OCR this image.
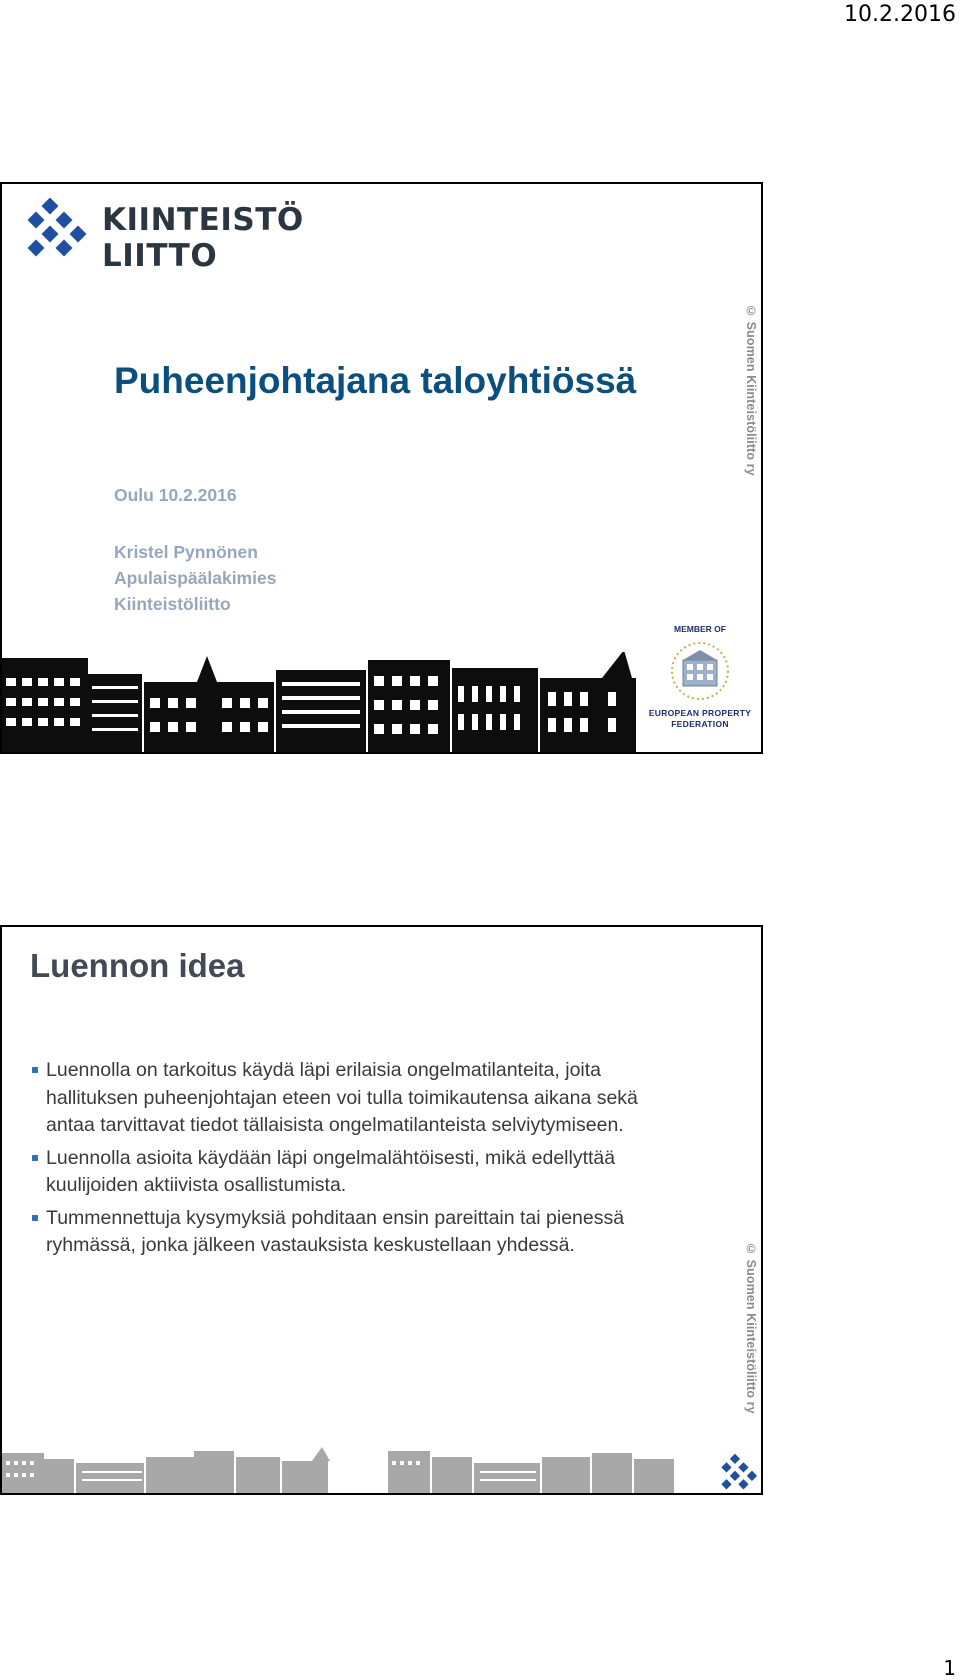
10.2.2016
KIINTEISTÖ
LIITTO
Puheenjohtajana taloyhtiössä
Oulu 10.2.2016
Kristel Pynnönen
Apulaispäälakimies
Kiinteistöliitto
© Suomen Kiinteistöliitto ry
MEMBER OF
EUROPEAN PROPERTY
FEDERATION
Luennon idea
Luennolla on tarkoitus käydä läpi erilaisia ongelmatilanteita, joita hallituksen puheenjohtajan eteen voi tulla toimikautensa aikana sekä antaa tarvittavat tiedot tällaisista ongelmatilanteista selviytymiseen.
Luennolla asioita käydään läpi ongelmalähtöisesti, mikä edellyttää kuulijoiden aktiivista osallistumista.
Tummennettuja kysymyksiä pohditaan ensin pareittain tai pienessä ryhmässä, jonka jälkeen vastauksista keskustellaan yhdessä.	© Suomen Kiinteistöliitto ry
1
